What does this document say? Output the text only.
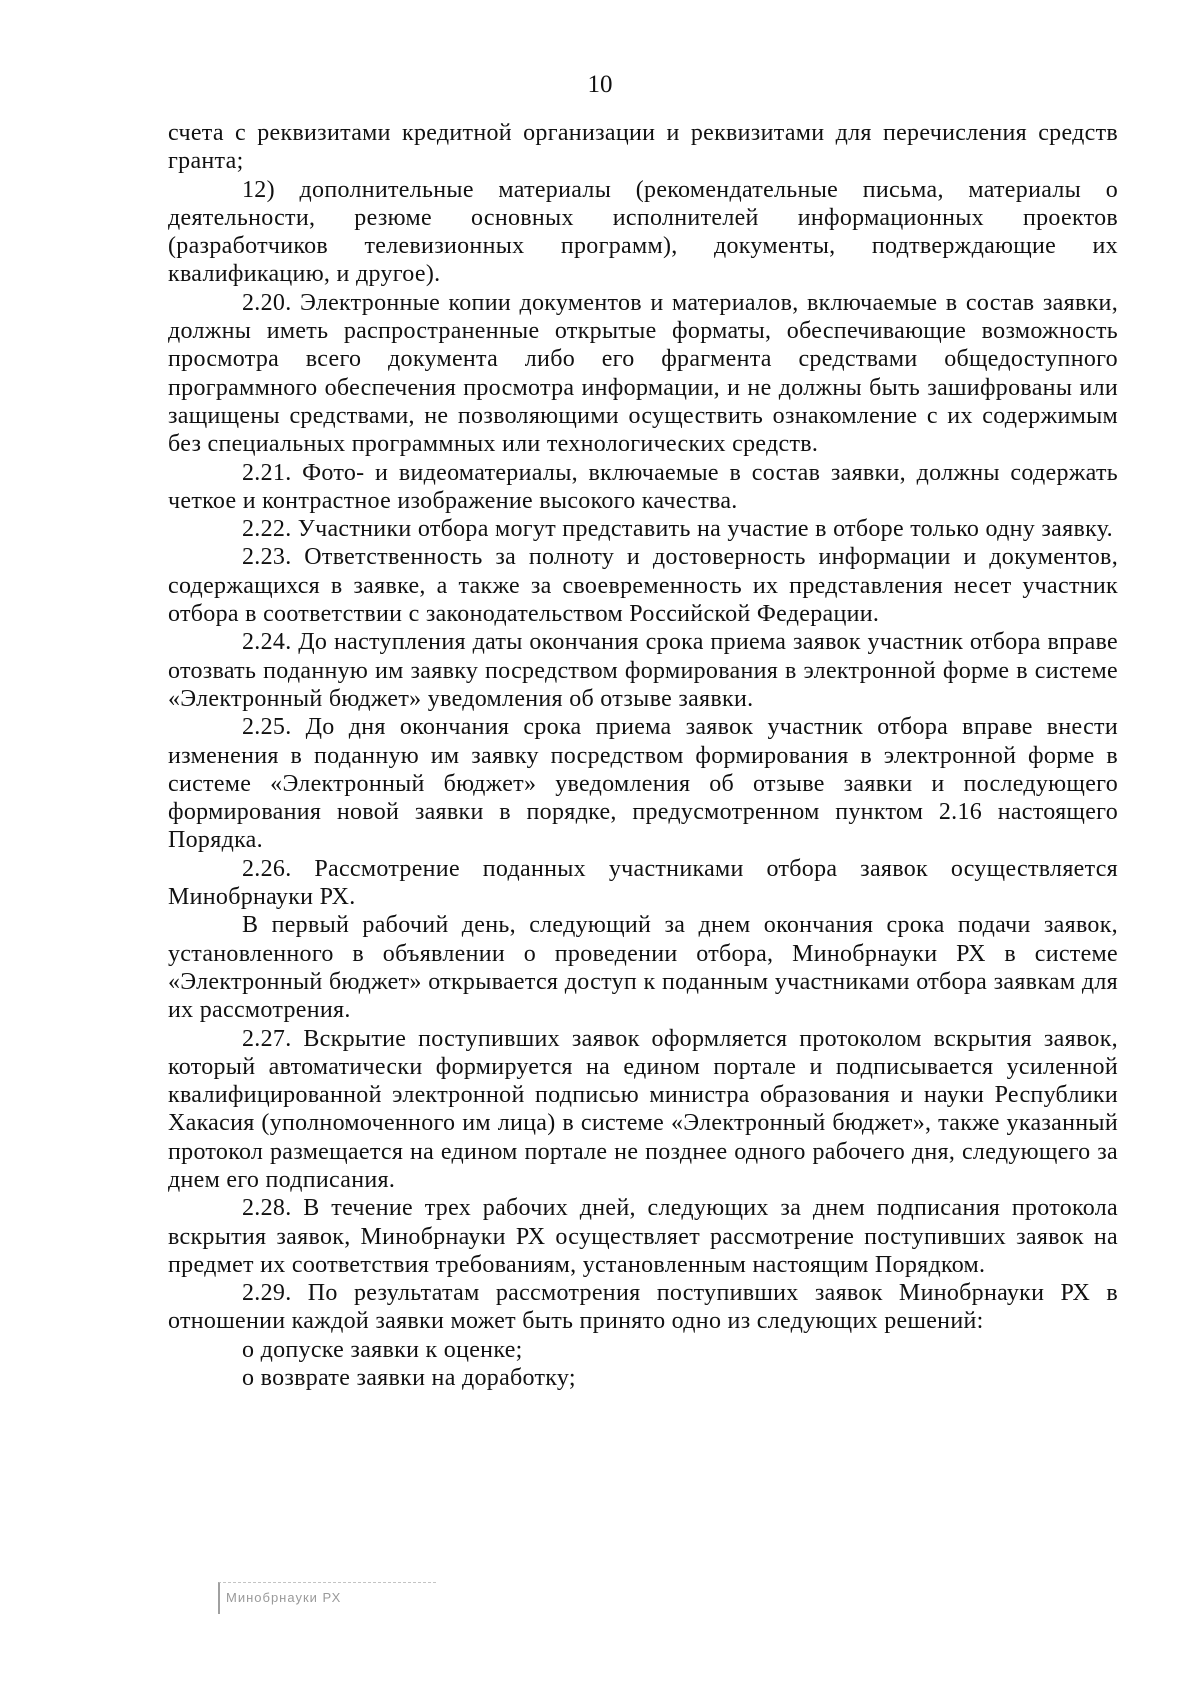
10

счета с реквизитами кредитной организации и реквизитами для перечисления средств гранта;

12) дополнительные материалы (рекомендательные письма, материалы о деятельности, резюме основных исполнителей информационных проектов (разработчиков телевизионных программ), документы, подтверждающие их квалификацию, и другое).

2.20. Электронные копии документов и материалов, включаемые в состав заявки, должны иметь распространенные открытые форматы, обеспечивающие возможность просмотра всего документа либо его фрагмента средствами общедоступного программного обеспечения просмотра информации, и не должны быть зашифрованы или защищены средствами, не позволяющими осуществить ознакомление с их содержимым без специальных программных или технологических средств.

2.21. Фото- и видеоматериалы, включаемые в состав заявки, должны содержать четкое и контрастное изображение высокого качества.

2.22. Участники отбора могут представить на участие в отборе только одну заявку.

2.23. Ответственность за полноту и достоверность информации и документов, содержащихся в заявке, а также за своевременность их представления несет участник отбора в соответствии с законодательством Российской Федерации.

2.24. До наступления даты окончания срока приема заявок участник отбора вправе отозвать поданную им заявку посредством формирования в электронной форме в системе «Электронный бюджет» уведомления об отзыве заявки.

2.25. До дня окончания срока приема заявок участник отбора вправе внести изменения в поданную им заявку посредством формирования в электронной форме в системе «Электронный бюджет» уведомления об отзыве заявки и последующего формирования новой заявки в порядке, предусмотренном пунктом 2.16 настоящего Порядка.

2.26. Рассмотрение поданных участниками отбора заявок осуществляется Минобрнауки РХ.

В первый рабочий день, следующий за днем окончания срока подачи заявок, установленного в объявлении о проведении отбора, Минобрнауки РХ в системе «Электронный бюджет» открывается доступ к поданным участниками отбора заявкам для их рассмотрения.

2.27. Вскрытие поступивших заявок оформляется протоколом вскрытия заявок, который автоматически формируется на едином портале и подписывается усиленной квалифицированной электронной подписью министра образования и науки Республики Хакасия (уполномоченного им лица) в системе «Электронный бюджет», также указанный протокол размещается на едином портале не позднее одного рабочего дня, следующего за днем его подписания.

2.28. В течение трех рабочих дней, следующих за днем подписания протокола вскрытия заявок, Минобрнауки РХ осуществляет рассмотрение поступивших заявок на предмет их соответствия требованиям, установленным настоящим Порядком.

2.29. По результатам рассмотрения поступивших заявок Минобрнауки РХ в отношении каждой заявки может быть принято одно из следующих решений:

о допуске заявки к оценке;

о возврате заявки на доработку;

Минобрнауки РХ
